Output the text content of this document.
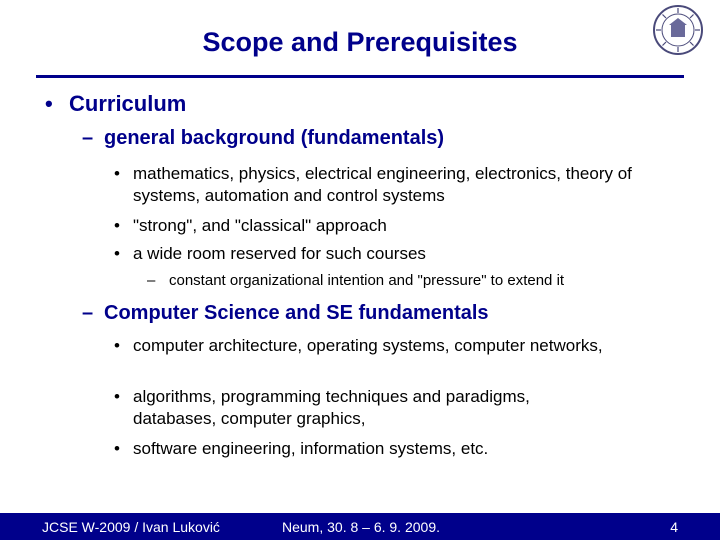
Scope and Prerequisites
• Curriculum
– general background (fundamentals)
• mathematics, physics, electrical engineering, electronics, theory of systems, automation and control systems
• "strong", and "classical" approach
• a wide room reserved for such courses
– constant organizational intention and "pressure" to extend it
– Computer Science and SE fundamentals
• computer architecture, operating systems, computer networks,
• algorithms, programming techniques and paradigms, databases, computer graphics,
• software engineering, information systems, etc.
JCSE W-2009 / Ivan Luković	Neum, 30. 8 – 6. 9. 2009.	4
